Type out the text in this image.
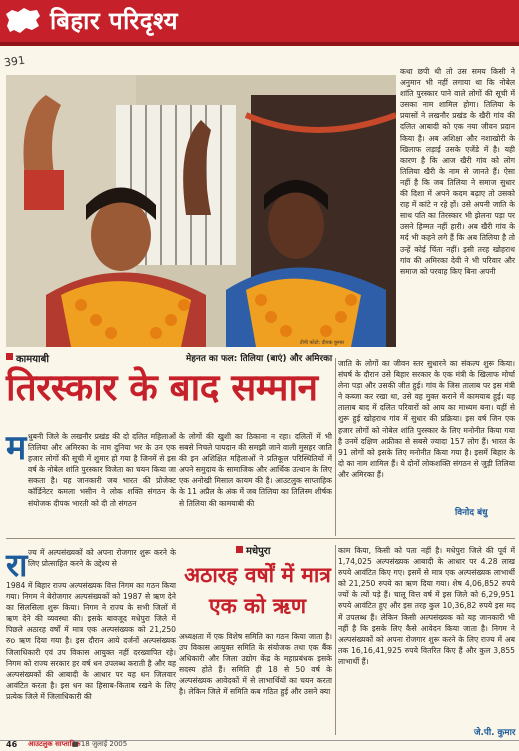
बिहार परिदृश्य
391
टीपी फोटो: दीपक कुमार
कथा छपी थी तो उस समय किसी ने अनुमान भी नहीं लगाया था कि नोबेल शांति पुरस्कार पाने वाले लोगों की सूची में उसका नाम शामिल होगा। तिलिया के प्रयासों ने लखनौर प्रखंड के खैरी गांव की दलित आबादी को एक नया जीवन प्रदान किया है। अब अशिक्षा और नशाखोरी के खिलाफ लड़ाई उसके एजेंडे में है। यही कारण है कि आज खैरी गांव को लोग तिलिया खैरी के नाम से जानते हैं। ऐसा नहीं है कि जब तिलिया ने समाज सुधार की दिशा में अपने कदम बढ़ाए तो उसको राह में कांटे न रहे हों। उसे अपनी जाति के साथ पति का तिरस्कार भी झेलना पड़ा पर उसने हिम्मत नहीं हारी। अब खैरी गांव के मर्द भी कहने लगे हैं कि अब तिलिया है तो उन्हें कोई चिंता नहीं। इसी तरह खोहराथ गांव की अमिरका देवी ने भी परिवार और समाज को परवाह किए बिना अपनी
कामयाबी	मेहनत का फल: तिलिया (बाएं) और अमिरका
तिरस्कार के बाद सम्मान
म धुबनी जिले के लखनौर प्रखंड की दो दलित महिलाओं तिलिया और अमिरका के नाम दुनिया भर के उन एक हजार लोगों की सूची में शुमार हो गया है जिनमें से इस वर्ष के नोबेल शांति पुरस्कार विजेता का चयन किया जा सकता है। यह जानकारी जब भारत की प्रोजेक्ट कॉर्डिनेटर कमला भसीन ने लोक शक्ति संगठन के संयोजक दीपक भारती को दी तो संगठन
के लोगों की खुशी का ठिकाना न रहा। दलितों में भी सबसे निचले पायदान की समझी जाने वाली मुसहर जाति की इन अशिक्षित महिलाओं ने प्रतिकूल परिस्थितियों में अपने समुदाय के सामाजिक और आर्थिक उत्थान के लिए एक अनोखी मिसाल कायम की है। आउटलुक साप्ताहिक के 11 अप्रैल के अंक में जब तिलिया का तिलिस्म शीर्षक से तिलिया की कामयाबी की
जाति के लोगों का जीवन स्तर सुधारने का संकल्प शुरू किया। संघर्ष के दौरान उसे बिहार सरकार के एक मंत्री के खिलाफ मोर्चा लेना पड़ा और उसकी जीत हुई। गांव के जिस तालाब पर इस मंत्री ने कब्जा कर रखा था, उसे वह मुक्त कराने में कामयाब हुई। यह तालाब बाद में दलित परिवारों को आय का माध्यम बना। यहीं से शुरू हुई खोहराथ गांव में सुधार की प्रक्रिया। इस वर्ष जिन एक हजार लोगों को नोबेल शांति पुरस्कार के लिए मनोनीत किया गया है उनमें दक्षिण अफ्रीका से सबसे ज्यादा 157 लोग हैं। भारत के 91 लोगों को इसके लिए मनोनीत किया गया है। इसमें बिहार के दो का नाम शामिल हैं। ये दोनों लोकशक्ति संगठन से जुड़ी तिलिया और अमिरका हैं।
विनोद बंधु
रा ज्य में अल्पसंख्यकों को अपना रोजगार शुरू करने के लिए प्रोत्साहित करने के उद्देश्य से
1984 में बिहार राज्य अल्पसंख्यक वित्त निगम का गठन किया गया। निगम ने बेरोजगार अल्पसंख्यकों को 1987 से ऋण देने का सिलसिला शुरू किया। निगम ने राज्य के सभी जिलों में ऋण देने की व्यवस्था की। इसके बावजूद मधेपुरा जिले में पिछले अठारह वर्षों में मात्र एक अल्पसंख्यक को 21,250 रुo ऋण दिया गया है। इस दौरान आये दर्जनों अल्पसंख्यक जिलाधिकारी एवं उप विकास आयुक्त नहीं दरख्वापित रहे। निगम को राज्य सरकार हर वर्ष धन उपलब्ध कराती है और वह अल्पसंख्यकों की आबादी के आधार पर यह धन जिलवार आवंटित करता है। इस धन का हिसाब-किताब रखने के लिए प्रत्येक जिले में जिलाधिकारी की
मधेपुरा
अठारह वर्षों में मात्र एक को ऋण
अध्यक्षता में एक विशेष समिति का गठन किया जाता है। उप विकास आयुक्त समिति के संयोजक तथा एक बैंक अधिकारी और जिला उद्योग केंद्र के महाप्रबंधक इसके सदस्य होते हैं। समिति ही 18 से 50 वर्ष के अल्पसंख्यक आवेदकों में से लाभार्थियों का चयन करता है। लेकिन जिले में समिति कब गठित हुई और उसने क्या
काम किया, किसी को पता नहीं है। मधेपुरा जिले की पूर्व में 1,74,025 अल्पसंख्यक आबादी के आधार पर 4.28 लाख रुपये आवंटित किए गए। इसमें से मात्र एक अल्पसंख्यक लाभार्थी को 21,250 रुपये का ऋण दिया गया। शेष 4,06,852 रुपये ज्यों के त्यों पड़े हैं। चालू वित्त वर्ष में इस जिले को 6,29,951 रुपये आवंटित हुए और इस तरह कुल 10,36,82 रुपये इस मद में उपलब्ध हैं। लेकिन किसी अल्पसंख्यक को यह जानकारी भी नहीं है कि इसके लिए कैसे आवेदन किया जाता है। निगम ने अल्पसंख्यकों को अपना रोजगार शुरू करने के लिए राज्य में अब तक 16,16,41,925 रुपये वितरित किए हैं और कुल 3,855 लाभार्थी हैं।
जे.पी. कुमार
46 आउटलुक साप्ताहिक
■ 18 जुलाई 2005
